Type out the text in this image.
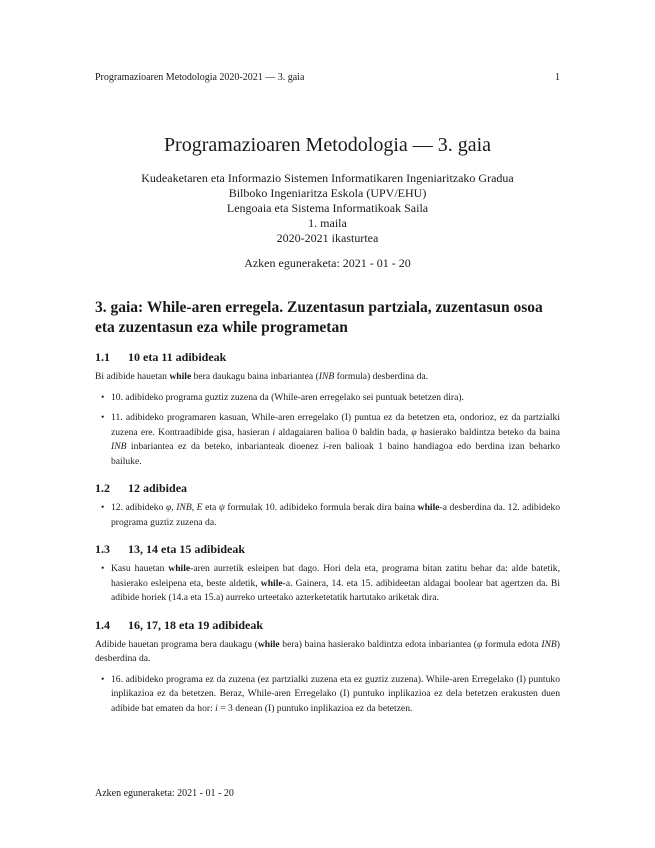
Programazioaren Metodologia 2020-2021 — 3. gaia	1
Programazioaren Metodologia — 3. gaia
Kudeaketaren eta Informazio Sistemen Informatikaren Ingeniaritzako Gradua
Bilboko Ingeniaritza Eskola (UPV/EHU)
Lengoaia eta Sistema Informatikoak Saila
1. maila
2020-2021 ikasturtea
Azken eguneraketa: 2021 - 01 - 20
3. gaia: While-aren erregela. Zuzentasun partziala, zuzentasun osoa eta zuzentasun eza while programetan
1.1 10 eta 11 adibideak

Bi adibide hauetan while bera daukagu baina inbariantea (INB formula) desberdina da.

• 10. adibideko programa guztiz zuzena da (While-aren erregelako sei puntuak betetzen dira).
• 11. adibideko programaren kasuan, While-aren erregelako (I) puntua ez da betetzen eta, ondorioz, ez da partzialki zuzena ere. Kontraadibide gisa, hasieran i aldagaiaren balioa 0 baldin bada, φ hasierako baldintza beteko da baina INB inbariantea ez da beteko, inbarianteak dioenez i-ren balioak 1 baino handiagoa edo berdina izan beharko bailuke.
1.2 12 adibidea
• 12. adibideko φ, INB, E eta ψ formulak 10. adibideko formula berak dira baina while-a desberdina da. 12. adibideko programa guztiz zuzena da.
1.3 13, 14 eta 15 adibideak
• Kasu hauetan while-aren aurretik esleipen bat dago. Hori dela eta, programa bitan zatitu behar da: alde batetik, hasierako esleipena eta, beste aldetik, while-a. Gainera, 14. eta 15. adibideetan aldagai boolear bat agertzen da. Bi adibide horiek (14.a eta 15.a) aurreko urteetako azterketetatik hartutako ariketak dira.
1.4 16, 17, 18 eta 19 adibideak

Adibide hauetan programa bera daukagu (while bera) baina hasierako baldintza edota inbariantea (φ formula edota INB) desberdina da.

• 16. adibideko programa ez da zuzena (ez partzialki zuzena eta ez guztiz zuzena). While-aren Erregelako (I) puntuko inplikazioa ez da betetzen. Beraz, While-aren Erregelako (I) puntuko inplikazioa ez dela betetzen erakusten duen adibide bat ematen da hor: i = 3 denean (I) puntuko inplikazioa ez da betetzen.
Azken eguneraketa: 2021 - 01 - 20
